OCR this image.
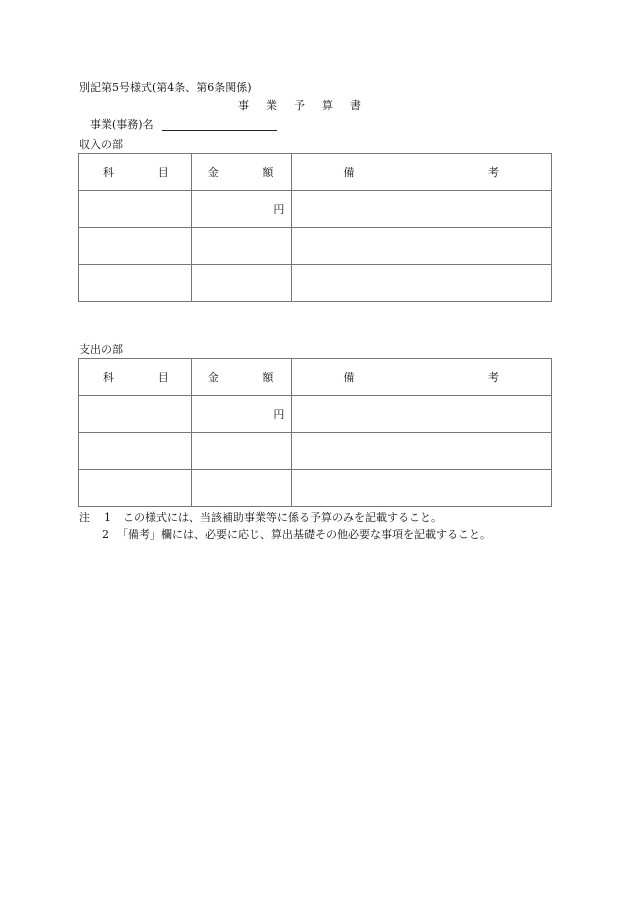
別記第5号様式(第4条、第6条関係)
事業予算書
事業(事務)名
収入の部
科 目	金 額	備 考

	円	

支出の部
科 目	金 額	備 考

	円	

注 1 この様式には、当該補助事業等に係る予算のみを記載すること。
2 「備考」欄には、必要に応じ、算出基礎その他必要な事項を記載すること。
